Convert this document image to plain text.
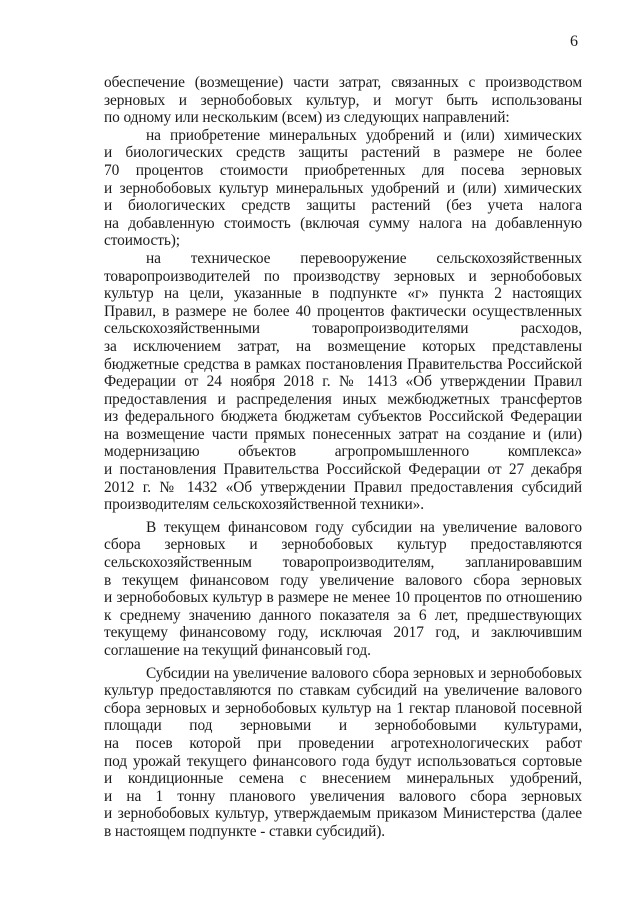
6
обеспечение (возмещение) части затрат, связанных с производством
зерновых и зернобобовых культур, и могут быть использованы
по одному или нескольким (всем) из следующих направлений:
на приобретение минеральных удобрений и (или) химических
и биологических средств защиты растений в размере не более
70 процентов стоимости приобретенных для посева зерновых
и зернобобовых культур минеральных удобрений и (или) химических
и биологических средств защиты растений (без учета налога
на добавленную стоимость (включая сумму налога на добавленную
стоимость);
на техническое перевооружение сельскохозяйственных
товаропроизводителей по производству зерновых и зернобобовых
культур на цели, указанные в подпункте «г» пункта 2 настоящих
Правил, в размере не более 40 процентов фактически осуществленных
сельскохозяйственными товаропроизводителями расходов,
за исключением затрат, на возмещение которых представлены
бюджетные средства в рамках постановления Правительства Российской
Федерации от 24 ноября 2018 г. № 1413 «Об утверждении Правил
предоставления и распределения иных межбюджетных трансфертов
из федерального бюджета бюджетам субъектов Российской Федерации
на возмещение части прямых понесенных затрат на создание и (или)
модернизацию объектов агропромышленного комплекса»
и постановления Правительства Российской Федерации от 27 декабря
2012 г. № 1432 «Об утверждении Правил предоставления субсидий
производителям сельскохозяйственной техники».
В текущем финансовом году субсидии на увеличение валового
сбора зерновых и зернобобовых культур предоставляются
сельскохозяйственным товаропроизводителям, запланировавшим
в текущем финансовом году увеличение валового сбора зерновых
и зернобобовых культур в размере не менее 10 процентов по отношению
к среднему значению данного показателя за 6 лет, предшествующих
текущему финансовому году, исключая 2017 год, и заключившим
соглашение на текущий финансовый год.
Субсидии на увеличение валового сбора зерновых и зернобобовых
культур предоставляются по ставкам субсидий на увеличение валового
сбора зерновых и зернобобовых культур на 1 гектар плановой посевной
площади под зерновыми и зернобобовыми культурами,
на посев которой при проведении агротехнологических работ
под урожай текущего финансового года будут использоваться сортовые
и кондиционные семена с внесением минеральных удобрений,
и на 1 тонну планового увеличения валового сбора зерновых
и зернобобовых культур, утверждаемым приказом Министерства (далее
в настоящем подпункте - ставки субсидий).
